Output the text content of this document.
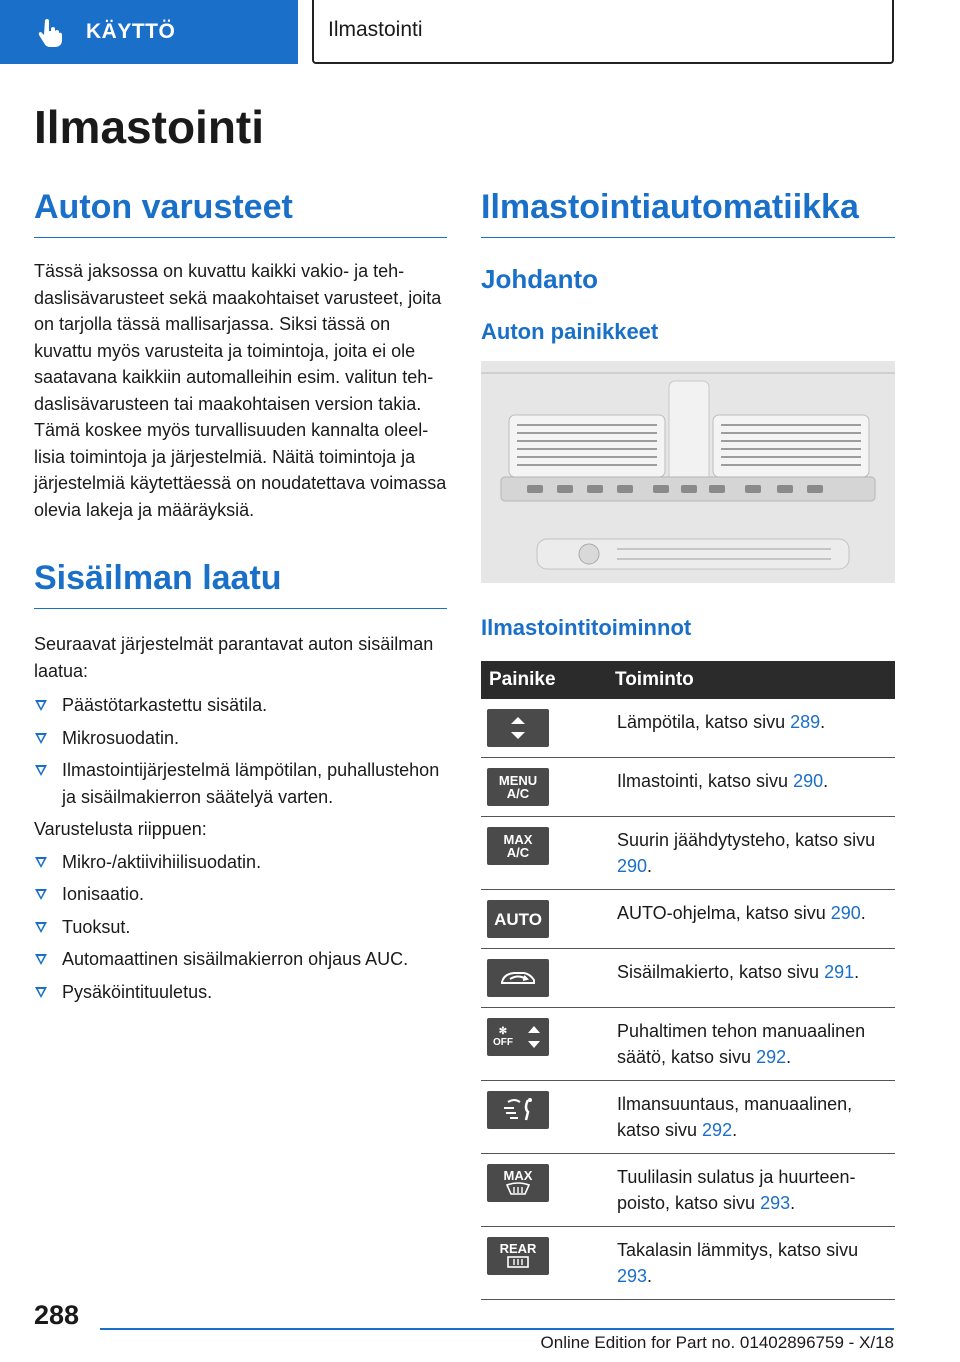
KÄYTTÖ	Ilmastointi
Ilmastointi
Auton varusteet

Tässä jaksossa on kuvattu kaikki vakio- ja tehdaslisävarusteet sekä maakohtaiset varusteet, joita on tarjolla tässä mallisarjassa. Siksi tässä on kuvattu myös varusteita ja toimintoja, joita ei ole saatavana kaikkiin automalleihin esim. valitun tehdaslisävarusteen tai maakohtaisen version takia. Tämä koskee myös turvallisuuden kannalta oleellisia toimintoja ja järjestelmiä. Näitä toimintoja ja järjestelmiä käytettäessä on noudatettava voimassa olevia lakeja ja määräyksiä.

Sisäilman laatu

Seuraavat järjestelmät parantavat auton sisäilman laatua:

Päästötarkastettu sisätila.
Mikrosuodatin.
Ilmastointijärjestelmä lämpötilan, puhallustehon ja sisäilmakierron säätelyä varten.

Varustelusta riippuen:

Mikro-/aktiivihiilisuodatin.
Ionisaatio.
Tuoksut.
Automaattinen sisäilmakierron ohjaus AUC.
Pysäköintituuletus.
Ilmastointiautomatiikka
Johdanto
Auton painikkeet
Ilmastointitoiminnot
Painike	Toiminto

	Lämpötila, katso sivu 289.

MENU
A/C	Ilmastointi, katso sivu 290.

MAX
A/C	Suurin jäähdytysteho, katso sivu 290.

AUTO	AUTO-ohjelma, katso sivu 290.

	Sisäilmakierto, katso sivu 291.

✻
OFF	Puhaltimen tehon manuaalinen säätö, katso sivu 292.

	Ilmansuuntaus, manuaalinen, katso sivu 292.

MAX	Tuulilasin sulatus ja huurteenpoisto, katso sivu 293.

REAR	Takalasin lämmitys, katso sivu 293.
288
Online Edition for Part no. 01402896759 - X/18
